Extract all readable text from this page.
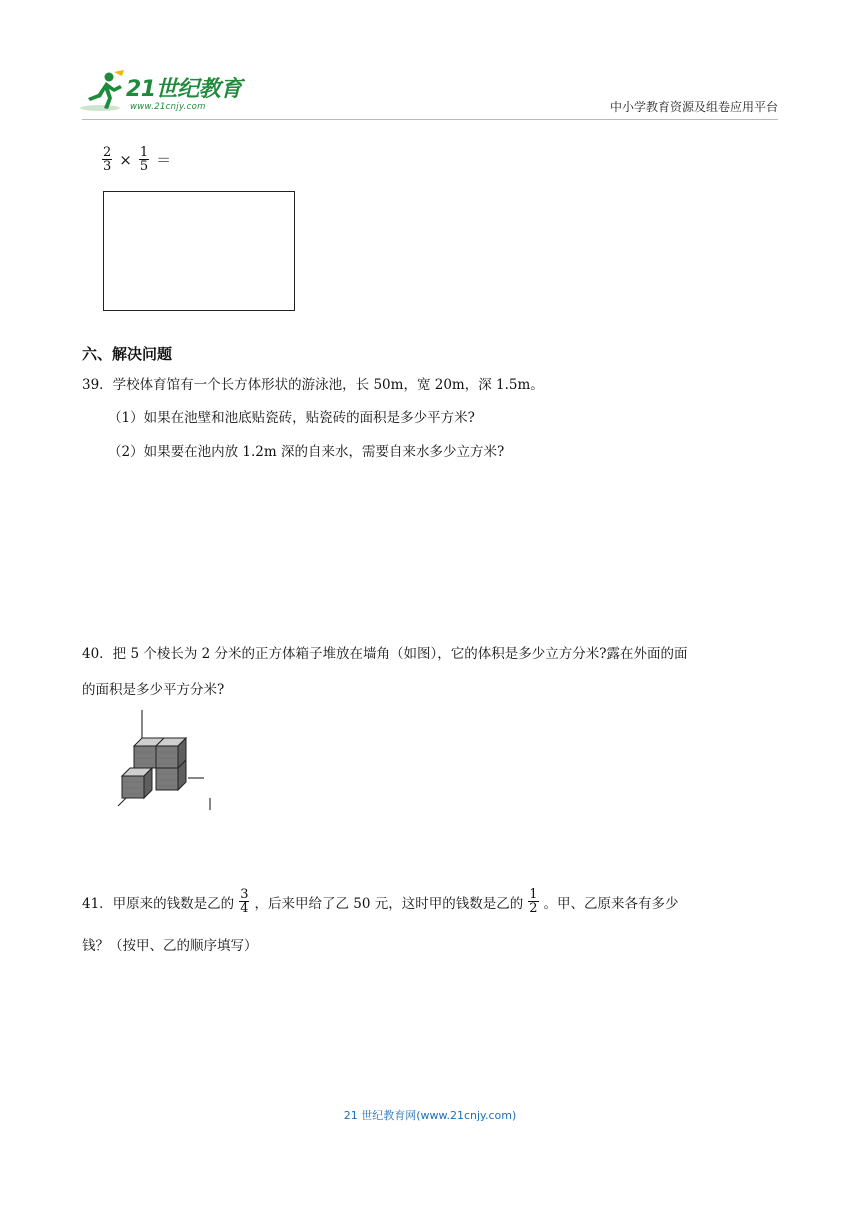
21世纪教育
www.21cnjy.com	中小学教育资源及组卷应用平台
$\frac{2}{3} \times \frac{1}{5}$ ＝
六、解决问题
39．学校体育馆有一个长方体形状的游泳池，长 50m，宽 20m，深 1.5m。
（1）如果在池壁和池底贴瓷砖，贴瓷砖的面积是多少平方米?
（2）如果要在池内放 1.2m 深的自来水，需要自来水多少立方米?
40．把 5 个棱长为 2 分米的正方体箱子堆放在墙角（如图），它的体积是多少立方分米?露在外面的面
的面积是多少平方分米?
41．甲原来的钱数是乙的 $\frac{3}{4}$ ，后来甲给了乙 50 元，这时甲的钱数是乙的 $\frac{1}{2}$ 。甲、乙原来各有多少
钱？（按甲、乙的顺序填写）
21 世纪教育网(www.21cnjy.com)
